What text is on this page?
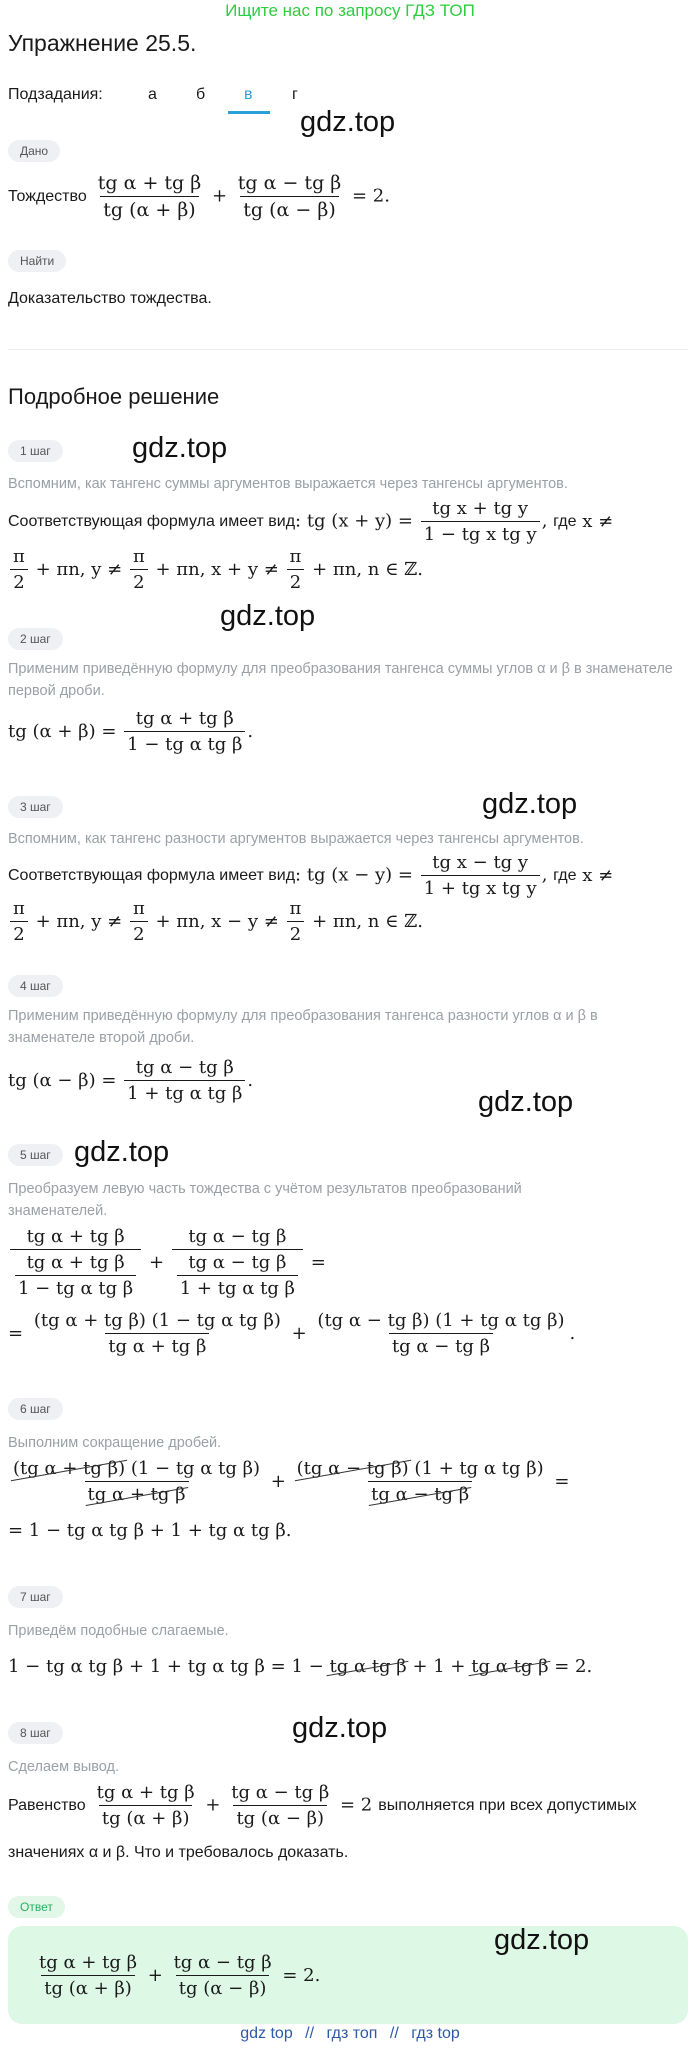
Ищите нас по запросу ГДЗ ТОП
Упражнение 25.5.
Подзадания:	а б в г
gdz.top
Дано
Тождество $\frac{\text{tg α + tg β}}{tg (\alpha + \beta)} + \frac{\text{tg α − tg β}}{tg (\alpha - \beta)} = 2$.
Найти
Доказательство тождества.
Подробное решение
1 шаг	gdz.top
Вспомним, как тангенс суммы аргументов выражается через тангенсы аргументов.
Соответствующая формула имеет вид : tg $(x + y) = \frac{\text{tg x + tg y}}{\text{1 − tg x tg y}}$ , где x ≠
$\frac{\pi}{2} + \pi n$, $y \ne \frac{\pi}{2} + \pi n$, $x + y \ne \frac{\pi}{2} + \pi n$, n ∈ ℤ.
gdz.top
2 шаг
Применим приведённую формулу для преобразования тангенса суммы углов α и β в знаменателе первой дроби.
tg $(\alpha + \beta) = \frac{\text{tg α + tg β}}{\text{1 − tg α tg β}}$ .
3 шаг	gdz.top
Вспомним, как тангенс разности аргументов выражается через тангенсы аргументов.
Соответствующая формула имеет вид : tg $(x - y) = \frac{\text{tg x − tg y}}{\text{1 + tg x tg y}}$ , где x ≠
$\frac{\pi}{2} + \pi n$, $y \ne \frac{\pi}{2} + \pi n$, $x - y \ne \frac{\pi}{2} + \pi n$, n ∈ ℤ.
4 шаг
Применим приведённую формулу для преобразования тангенса разности углов α и β в знаменателе второй дроби.
tg $(\alpha - \beta) = \frac{\text{tg α − tg β}}{\text{1 + tg α tg β}}$ .
gdz.top
5 шаг gdz.top
Преобразуем левую часть тождества с учётом результатов преобразований знаменателей.
$\frac{\text{tg α + tg β}}{\frac{\text{tg α + tg β}}{\text{1 − tg α tg β}}} + \frac{\text{tg α − tg β}}{\frac{\text{tg α − tg β}}{\text{1 + tg α tg β}}}$ =
= $\frac{\text{(tg α + tg β) (1 − tg α tg β)}}{\text{tg α + tg β}} + \frac{\text{(tg α − tg β) (1 + tg α tg β)}}{\text{tg α − tg β}}$ .
6 шаг
Выполним сокращение дробей.
$\frac{\text{(tg α + tg β) (1 − tg α tg β)}}{\text{tg α + tg β}} + \frac{\text{(tg α − tg β) (1 + tg α tg β)}}{\text{tg α − tg β}}$ =
= 1 − tg α tg β + 1 + tg α tg β.
7 шаг
Приведём подобные слагаемые.
1 − tg α tg β + 1 + tg α tg β = 1 − tg α tg β + 1 + tg α tg β = 2.
8 шаг	gdz.top
Сделаем вывод.
Равенство $\frac{\text{tg α + tg β}}{tg (\alpha + \beta)} + \frac{\text{tg α − tg β}}{tg (\alpha - \beta)} = 2$ выполняется при всех допустимых
значениях α и β. Что и требовалось доказать.
Ответ
$\frac{\text{tg α + tg β}}{tg (\alpha + \beta)} + \frac{\text{tg α − tg β}}{tg (\alpha - \beta)} = 2$.
gdz.top
gdz top // гдз топ // гдз top
